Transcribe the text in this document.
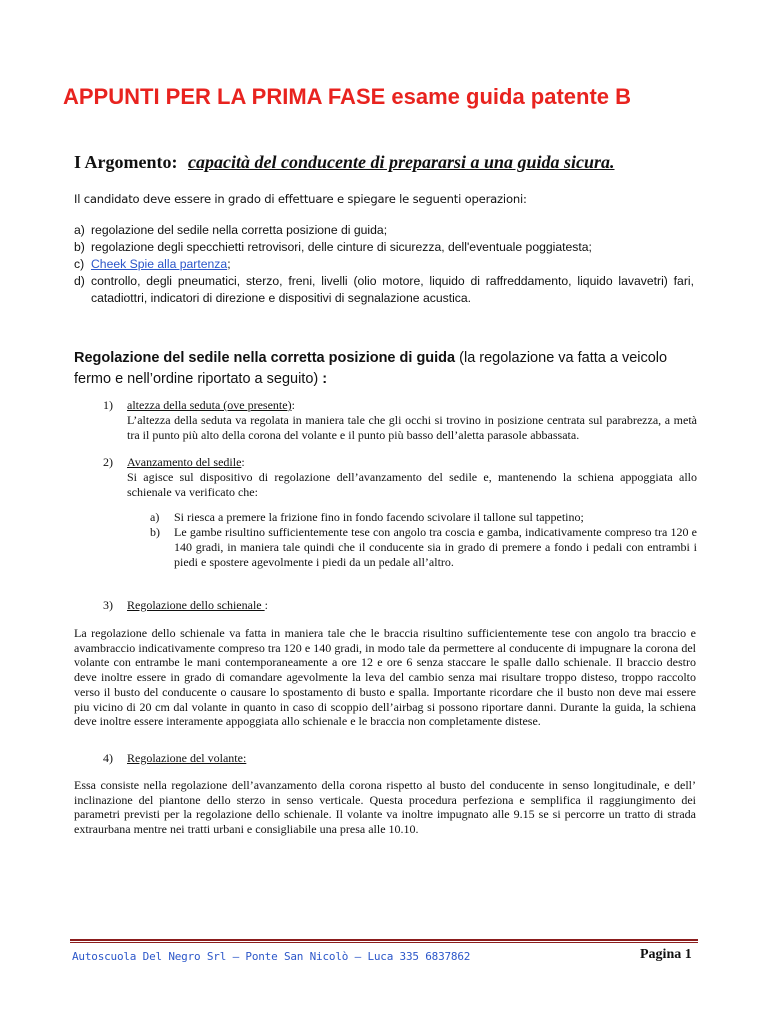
APPUNTI PER LA PRIMA FASE esame guida patente B
I Argomento: capacità del conducente di prepararsi a una guida sicura.
Il candidato deve essere in grado di effettuare e spiegare le seguenti operazioni:
a) regolazione del sedile nella corretta posizione di guida;
b) regolazione degli specchietti retrovisori, delle cinture di sicurezza, dell'eventuale poggiatesta;
c) Cheek Spie alla partenza;
d) controllo, degli pneumatici, sterzo, freni, livelli (olio motore, liquido di raffreddamento, liquido lavavetri) fari, catadiottri, indicatori di direzione e dispositivi di segnalazione acustica.
Regolazione del sedile nella corretta posizione di guida (la regolazione va fatta a veicolo fermo e nell’ordine riportato a seguito) :
1) altezza della seduta (ove presente):
L’altezza della seduta va regolata in maniera tale che gli occhi si trovino in posizione centrata sul parabrezza, a metà tra il punto più alto della corona del volante e il punto più basso dell’aletta parasole abbassata.
2) Avanzamento del sedile:
Si agisce sul dispositivo di regolazione dell’avanzamento del sedile e, mantenendo la schiena appoggiata allo schienale va verificato che:
a)	Si riesca a premere la frizione fino in fondo facendo scivolare il tallone sul tappetino;
b)	Le gambe risultino sufficientemente tese con angolo tra coscia e gamba, indicativamente compreso tra 120 e 140 gradi, in maniera tale quindi che il conducente sia in grado di premere a fondo i pedali con entrambi i piedi e spostere agevolmente i piedi da un pedale all’altro.
3) Regolazione dello schienale :
La regolazione dello schienale va fatta in maniera tale che le braccia risultino sufficientemente tese con angolo tra braccio e avambraccio indicativamente compreso tra 120 e 140 gradi, in modo tale da permettere al conducente di impugnare la corona del volante con entrambe le mani contemporaneamente a ore 12 e ore 6 senza staccare le spalle dallo schienale. Il braccio destro deve inoltre essere in grado di comandare agevolmente la leva del cambio senza mai risultare troppo disteso, troppo raccolto verso il busto del conducente o causare lo spostamento di busto e spalla. Importante ricordare che il busto non deve mai essere piu vicino di 20 cm dal volante in quanto in caso di scoppio dell’airbag si possono riportare danni. Durante la guida, la schiena deve inoltre essere interamente appoggiata allo schienale e le braccia non completamente distese.
4) Regolazione del volante:
Essa consiste nella regolazione dell’avanzamento della corona rispetto al busto del conducente in senso longitudinale, e dell’ inclinazione del piantone dello sterzo in senso verticale. Questa procedura perfeziona e semplifica il raggiungimento dei parametri previsti per la regolazione dello schienale. Il volante va inoltre impugnato alle 9.15 se si percorre un tratto di strada extraurbana mentre nei tratti urbani e consigliabile una presa alle 10.10.
Autoscuola Del Negro Srl – Ponte San Nicolò – Luca 335 6837862	Pagina 1
